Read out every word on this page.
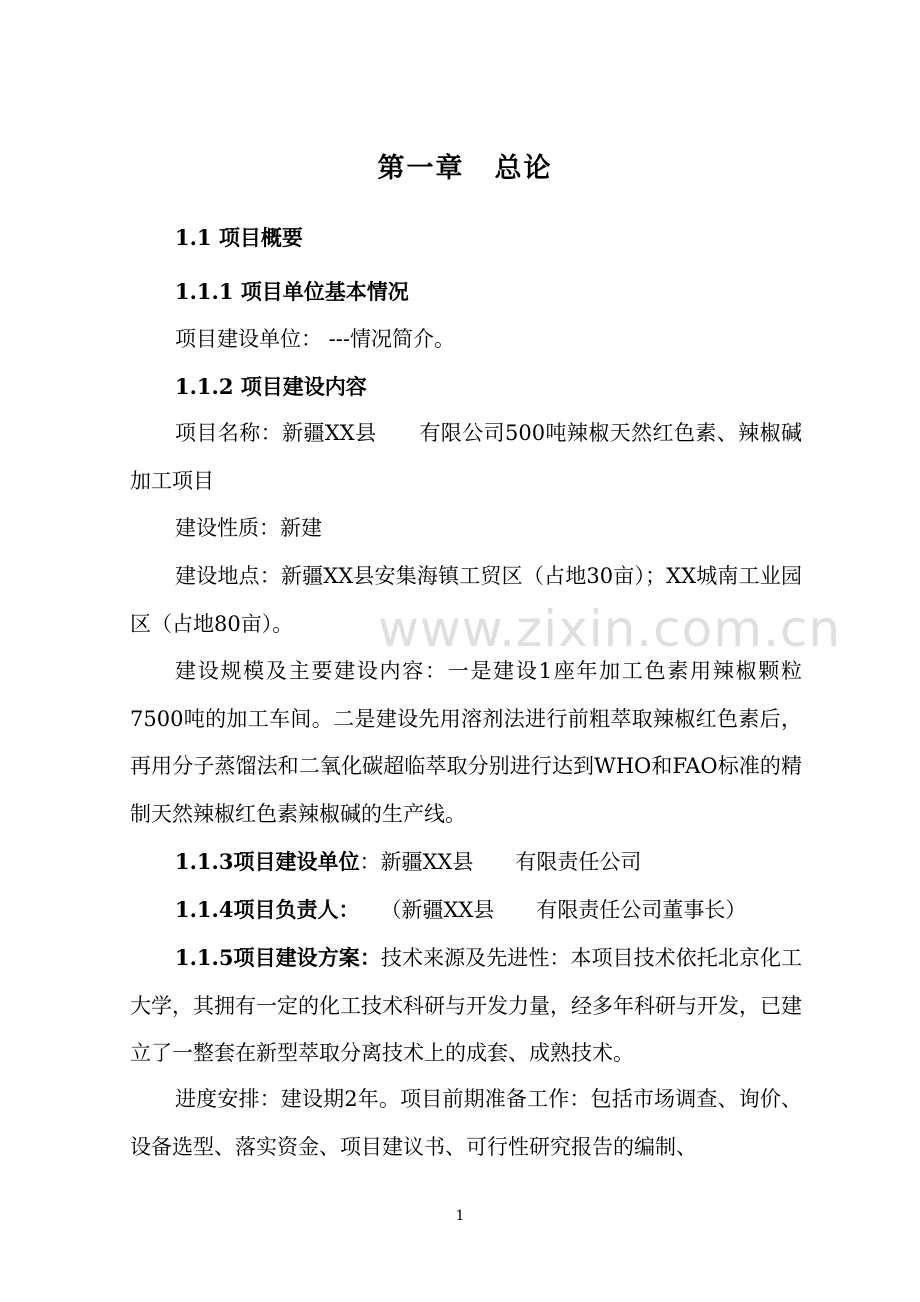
第一章 总论
1.1 项目概要
1.1.1 项目单位基本情况
项目建设单位： ---情况简介。
1.1.2 项目建设内容
项目名称：新疆XX县　　有限公司500吨辣椒天然红色素、辣椒碱加工项目
建设性质：新建
建设地点：新疆XX县安集海镇工贸区（占地30亩）；XX城南工业园区（占地80亩）。
建设规模及主要建设内容：一是建设1座年加工色素用辣椒颗粒7500吨的加工车间。二是建设先用溶剂法进行前粗萃取辣椒红色素后，再用分子蒸馏法和二氧化碳超临萃取分别进行达到WHO和FAO标准的精制天然辣椒红色素辣椒碱的生产线。
1.1.3项目建设单位：新疆XX县　　有限责任公司
1.1.4项目负责人：　　（新疆XX县　　有限责任公司董事长）
1.1.5项目建设方案：技术来源及先进性：本项目技术依托北京化工大学，其拥有一定的化工技术科研与开发力量，经多年科研与开发，已建立了一整套在新型萃取分离技术上的成套、成熟技术。
进度安排：建设期2年。项目前期准备工作：包括市场调查、询价、设备选型、落实资金、项目建议书、可行性研究报告的编制、
www.zixin.com.cn
1
